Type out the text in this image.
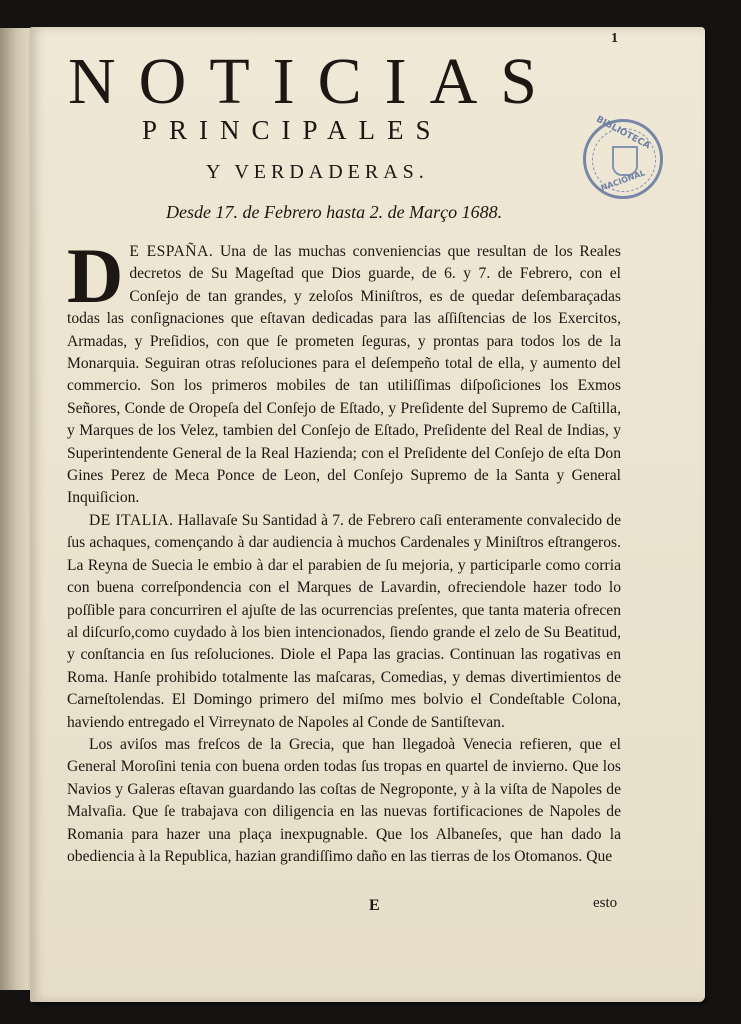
1
NOTICIAS
PRINCIPALES
Y VERDADERAS.
Desde 17. de Febrero hasta 2. de Março 1688.
BIBLIOTECA
NACIONAL

D E ESPAÑA. Una de las muchas conveniencias que resultan de los Reales decretos de Su Mageſtad que Dios guarde, de 6. y 7. de Febrero, con el Conſejo de tan grandes, y zeloſos Miniſtros, es de quedar deſembaraçadas todas las conſignaciones que eſtavan dedicadas para las aſſiſtencias de los Exercitos, Armadas, y Preſidios, con que ſe prometen ſeguras, y prontas para todos los de la Monarquia. Seguiran otras reſoluciones para el deſempeño total de ella, y aumento del commercio. Son los primeros mobiles de tan utiliſſimas diſpoſiciones los Exmos Señores, Conde de Oropeſa del Conſejo de Eſtado, y Preſidente del Supremo de Caſtilla, y Marques de los Velez, tambien del Conſejo de Eſtado, Preſidente del Real de Indias, y Superintendente General de la Real Hazienda; con el Preſidente del Conſejo de eſta Don Gines Perez de Meca Ponce de Leon, del Conſejo Supremo de la Santa y General Inquiſicion.

DE ITALIA. Hallavaſe Su Santidad à 7. de Febrero caſi enteramente convalecido de ſus achaques, començando à dar audiencia à muchos Cardenales y Miniſtros eſtrangeros. La Reyna de Suecia le embio à dar el parabien de ſu mejoria, y participarle como corria con buena correſpondencia con el Marques de Lavardin, ofreciendole hazer todo lo poſſible para concurriren el ajuſte de las ocurrencias preſentes, que tanta materia ofrecen al diſcurſo,como cuydado à los bien intencionados, ſiendo grande el zelo de Su Beatitud, y conſtancia en ſus reſoluciones. Diole el Papa las gracias. Continuan las rogativas en Roma. Hanſe prohibido totalmente las maſcaras, Comedias, y demas divertimientos de Carneſtolendas. El Domingo primero del miſmo mes bolvio el Condeſtable Colona, haviendo entregado el Virreynato de Napoles al Conde de Santiſtevan.

Los aviſos mas freſcos de la Grecia, que han llegadoà Venecia refieren, que el General Moroſini tenia con buena orden todas ſus tropas en quartel de invierno. Que los Navios y Galeras eſtavan guardando las coſtas de Negroponte, y à la viſta de Napoles de Malvaſia. Que ſe trabajava con diligencia en las nuevas fortificaciones de Napoles de Romania para hazer una plaça inexpugnable. Que los Albaneſes, que han dado la obediencia à la Republica, hazian grandiſſimo daño en las tierras de los Otomanos. Que

E	esto
